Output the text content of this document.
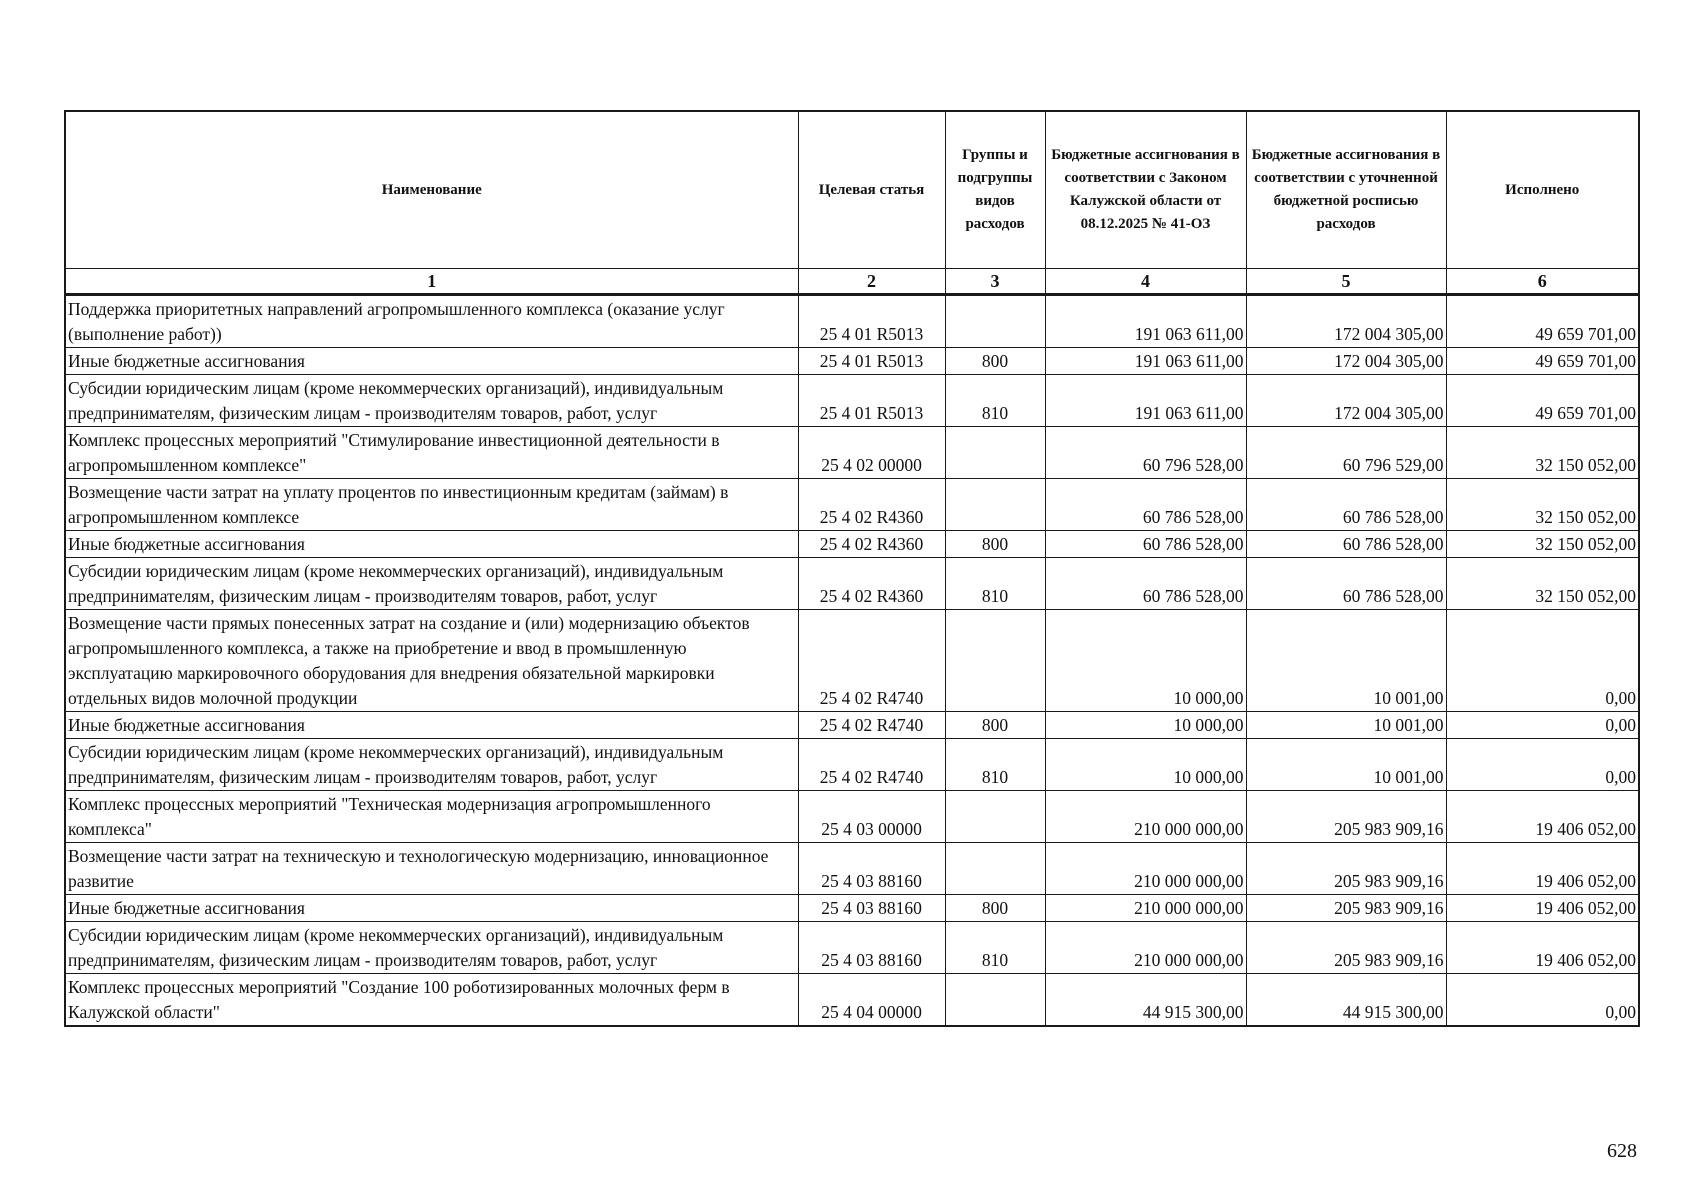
Наименование	Целевая статья	Группы и подгруппы видов расходов	Бюджетные ассигнования в соответствии с Законом Калужской области от 08.12.2025 № 41-ОЗ	Бюджетные ассигнования в соответствии с уточненной бюджетной росписью расходов	Исполнено
1	2	3	4	5	6
Поддержка приоритетных направлений агропромышленного комплекса (оказание услуг (выполнение работ))	25 4 01 R5013		191 063 611,00	172 004 305,00	49 659 701,00
Иные бюджетные ассигнования	25 4 01 R5013	800	191 063 611,00	172 004 305,00	49 659 701,00
Субсидии юридическим лицам (кроме некоммерческих организаций), индивидуальным предпринимателям, физическим лицам - производителям товаров, работ, услуг	25 4 01 R5013	810	191 063 611,00	172 004 305,00	49 659 701,00
Комплекс процессных мероприятий "Стимулирование инвестиционной деятельности в агропромышленном комплексе"	25 4 02 00000		60 796 528,00	60 796 529,00	32 150 052,00
Возмещение части затрат на уплату процентов по инвестиционным кредитам (займам) в агропромышленном комплексе	25 4 02 R4360		60 786 528,00	60 786 528,00	32 150 052,00
Иные бюджетные ассигнования	25 4 02 R4360	800	60 786 528,00	60 786 528,00	32 150 052,00
Субсидии юридическим лицам (кроме некоммерческих организаций), индивидуальным предпринимателям, физическим лицам - производителям товаров, работ, услуг	25 4 02 R4360	810	60 786 528,00	60 786 528,00	32 150 052,00
Возмещение части прямых понесенных затрат на создание и (или) модернизацию объектов агропромышленного комплекса, а также на приобретение и ввод в промышленную эксплуатацию маркировочного оборудования для внедрения обязательной маркировки отдельных видов молочной продукции	25 4 02 R4740		10 000,00	10 001,00	0,00
Иные бюджетные ассигнования	25 4 02 R4740	800	10 000,00	10 001,00	0,00
Субсидии юридическим лицам (кроме некоммерческих организаций), индивидуальным предпринимателям, физическим лицам - производителям товаров, работ, услуг	25 4 02 R4740	810	10 000,00	10 001,00	0,00
Комплекс процессных мероприятий "Техническая модернизация агропромышленного комплекса"	25 4 03 00000		210 000 000,00	205 983 909,16	19 406 052,00
Возмещение части затрат на техническую и технологическую модернизацию, инновационное развитие	25 4 03 88160		210 000 000,00	205 983 909,16	19 406 052,00
Иные бюджетные ассигнования	25 4 03 88160	800	210 000 000,00	205 983 909,16	19 406 052,00
Субсидии юридическим лицам (кроме некоммерческих организаций), индивидуальным предпринимателям, физическим лицам - производителям товаров, работ, услуг	25 4 03 88160	810	210 000 000,00	205 983 909,16	19 406 052,00
Комплекс процессных мероприятий "Создание 100 роботизированных молочных ферм в Калужской области"	25 4 04 00000		44 915 300,00	44 915 300,00	0,00
628
